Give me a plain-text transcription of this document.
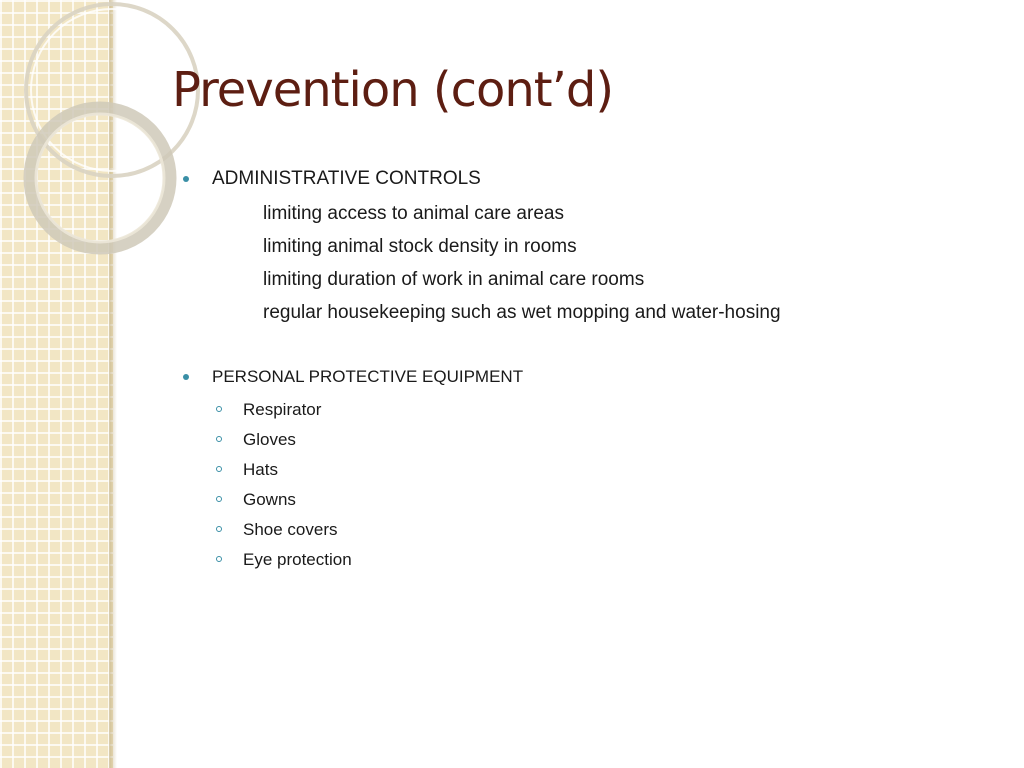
Prevention (cont’d)
ADMINISTRATIVE CONTROLS
limiting access to animal care areas
limiting animal stock density in rooms
limiting duration of work in animal care rooms
regular housekeeping such as wet mopping and water-hosing
PERSONAL PROTECTIVE EQUIPMENT
Respirator
Gloves
Hats
Gowns
Shoe covers
Eye protection
